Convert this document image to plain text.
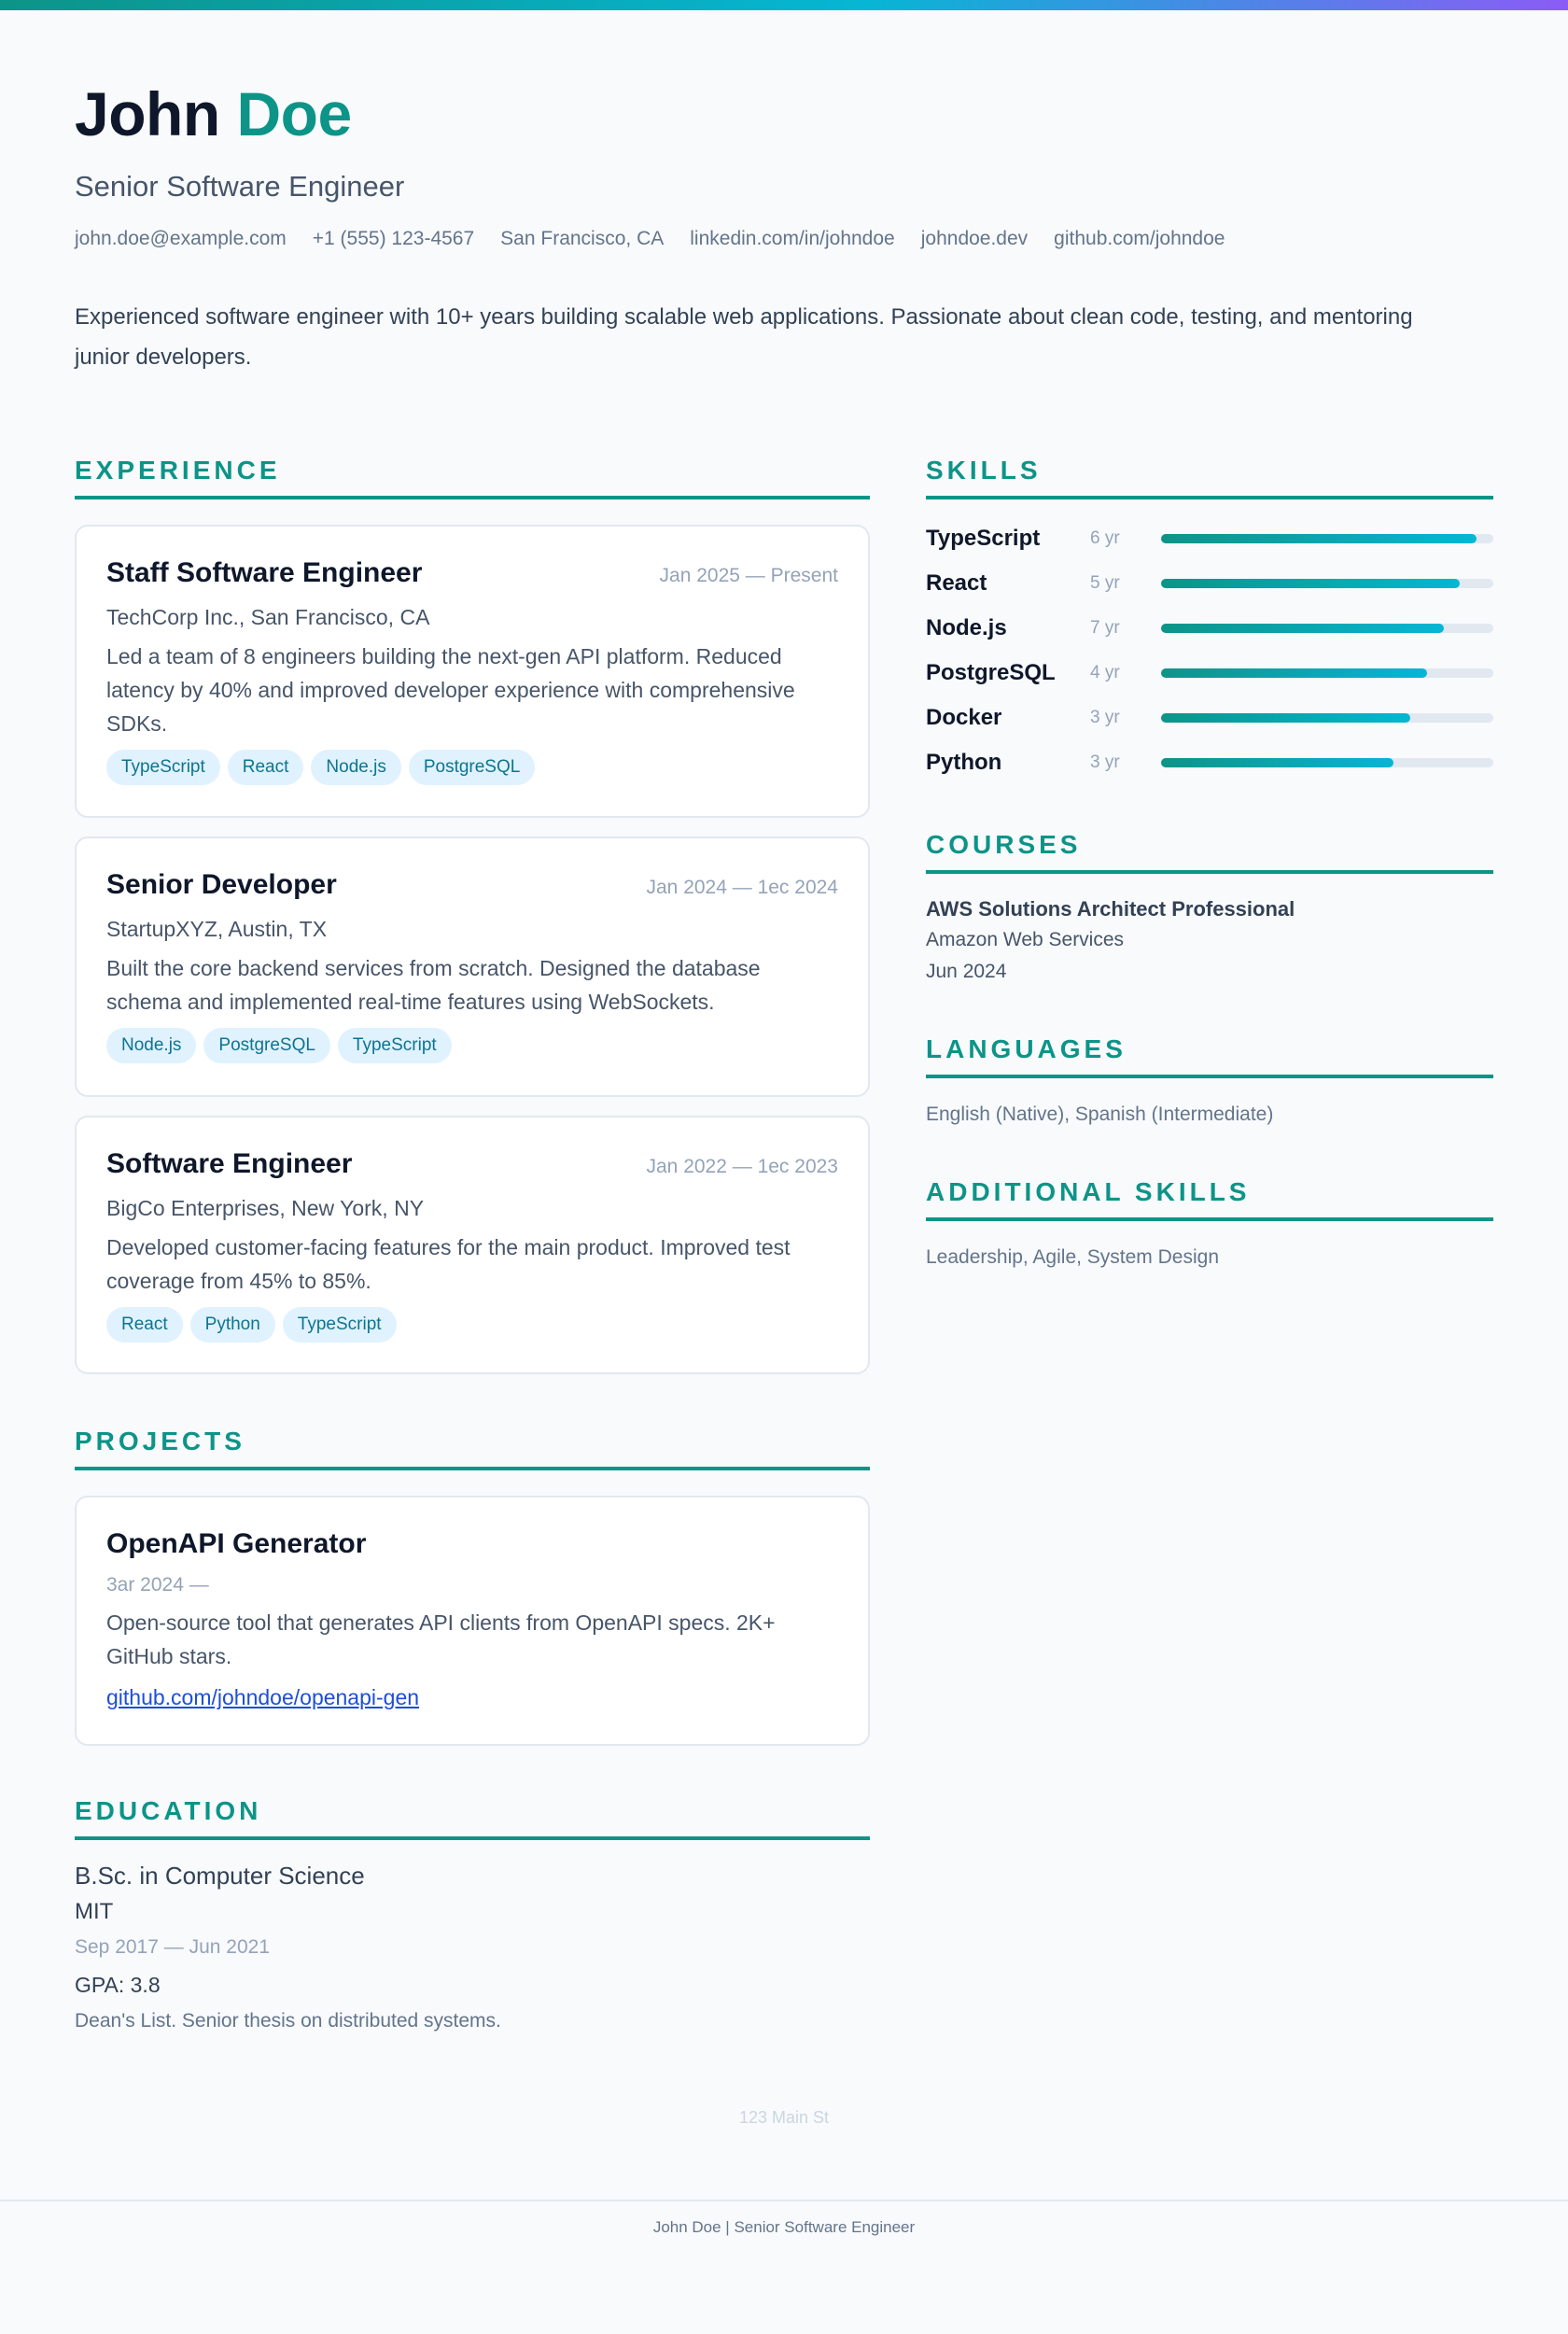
John Doe
Senior Software Engineer
john.doe@example.com +1 (555) 123-4567 San Francisco, CA linkedin.com/in/johndoe johndoe.dev github.com/johndoe

Experienced software engineer with 10+ years building scalable web applications. Passionate about clean code, testing, and mentoring junior developers.

EXPERIENCE
Staff Software Engineer	Jan 2025 — Present
TechCorp Inc., San Francisco, CA
Led a team of 8 engineers building the next-gen API platform. Reduced latency by 40% and improved developer experience with comprehensive SDKs.
TypeScript	React	Node.js	PostgreSQL
Senior Developer	Jan 2024 — 1ec 2024
StartupXYZ, Austin, TX
Built the core backend services from scratch. Designed the database schema and implemented real-time features using WebSockets.
Node.js	PostgreSQL	TypeScript
Software Engineer	Jan 2022 — 1ec 2023
BigCo Enterprises, New York, NY
Developed customer-facing features for the main product. Improved test coverage from 45% to 85%.
React	Python	TypeScript
PROJECTS
OpenAPI Generator
3ar 2024 —
Open-source tool that generates API clients from OpenAPI specs. 2K+ GitHub stars.
github.com/johndoe/openapi-gen
EDUCATION
B.Sc. in Computer Science
MIT
Sep 2017 — Jun 2021
GPA: 3.8
Dean's List. Senior thesis on distributed systems.
SKILLS
TypeScript	6 yr
React	5 yr
Node.js	7 yr
PostgreSQL	4 yr
Docker	3 yr
Python	3 yr
COURSES
AWS Solutions Architect Professional
Amazon Web Services
Jun 2024
LANGUAGES
English (Native), Spanish (Intermediate)
ADDITIONAL SKILLS
Leadership, Agile, System Design
123 Main St
John Doe | Senior Software Engineer
